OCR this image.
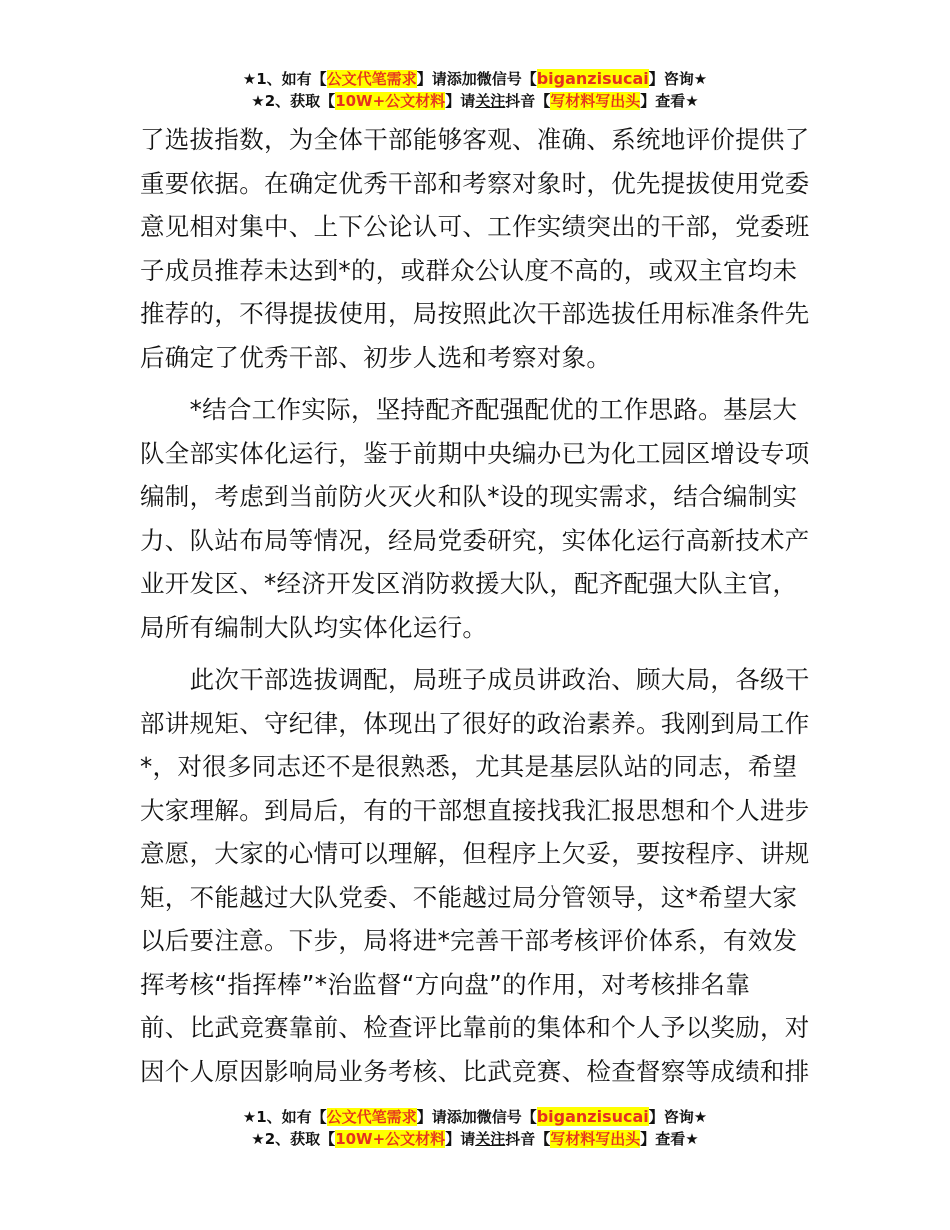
★1、如有【公文代笔需求】请添加微信号【biganzisucai】咨询★
★2、获取【10W+公文材料】请关注抖音【写材料写出头】查看★
了选拔指数，为全体干部能够客观、准确、系统地评价提供了
重要依据。在确定优秀干部和考察对象时，优先提拔使用党委
意见相对集中、上下公论认可、工作实绩突出的干部，党委班
子成员推荐未达到*的，或群众公认度不高的，或双主官均未
推荐的，不得提拔使用，局按照此次干部选拔任用标准条件先
后确定了优秀干部、初步人选和考察对象。
　　*结合工作实际，坚持配齐配强配优的工作思路。基层大
队全部实体化运行，鉴于前期中央编办已为化工园区增设专项
编制，考虑到当前防火灭火和队*设的现实需求，结合编制实
力、队站布局等情况，经局党委研究，实体化运行高新技术产
业开发区、*经济开发区消防救援大队，配齐配强大队主官，
局所有编制大队均实体化运行。
　　此次干部选拔调配，局班子成员讲政治、顾大局，各级干
部讲规矩、守纪律，体现出了很好的政治素养。我刚到局工作
*，对很多同志还不是很熟悉，尤其是基层队站的同志，希望
大家理解。到局后，有的干部想直接找我汇报思想和个人进步
意愿，大家的心情可以理解，但程序上欠妥，要按程序、讲规
矩，不能越过大队党委、不能越过局分管领导，这*希望大家
以后要注意。下步，局将进*完善干部考核评价体系，有效发
挥考核“指挥棒”*治监督“方向盘”的作用，对考核排名靠
前、比武竞赛靠前、检查评比靠前的集体和个人予以奖励，对
因个人原因影响局业务考核、比武竞赛、检查督察等成绩和排
★1、如有【公文代笔需求】请添加微信号【biganzisucai】咨询★
★2、获取【10W+公文材料】请关注抖音【写材料写出头】查看★
